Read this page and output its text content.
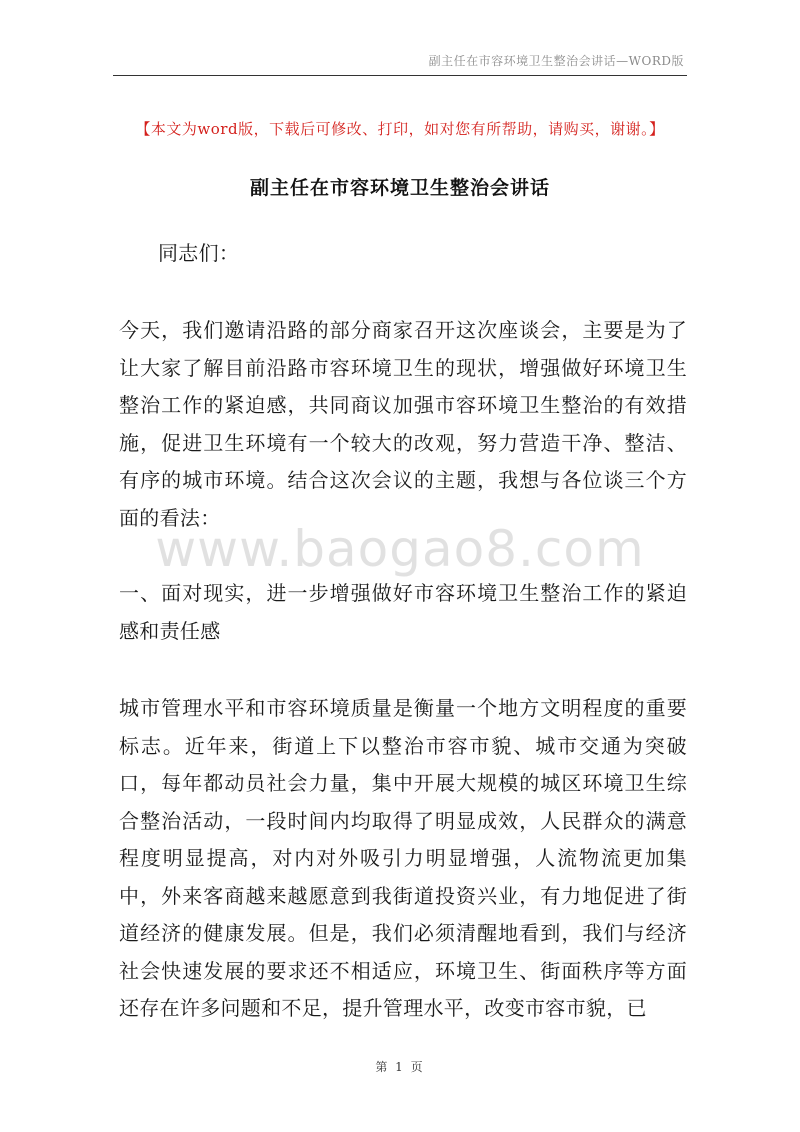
副主任在市容环境卫生整治会讲话—WORD版
【本文为word版，下载后可修改、打印，如对您有所帮助，请购买，谢谢。】
副主任在市容环境卫生整治会讲话
同志们：
今天，我们邀请沿路的部分商家召开这次座谈会，主要是为了让大家了解目前沿路市容环境卫生的现状，增强做好环境卫生整治工作的紧迫感，共同商议加强市容环境卫生整治的有效措施，促进卫生环境有一个较大的改观，努力营造干净、整洁、有序的城市环境。结合这次会议的主题，我想与各位谈三个方面的看法：
www.baogao8.com
一、面对现实，进一步增强做好市容环境卫生整治工作的紧迫感和责任感
城市管理水平和市容环境质量是衡量一个地方文明程度的重要标志。近年来，街道上下以整治市容市貌、城市交通为突破口，每年都动员社会力量，集中开展大规模的城区环境卫生综合整治活动，一段时间内均取得了明显成效，人民群众的满意程度明显提高，对内对外吸引力明显增强，人流物流更加集中，外来客商越来越愿意到我街道投资兴业，有力地促进了街道经济的健康发展。但是，我们必须清醒地看到，我们与经济社会快速发展的要求还不相适应，环境卫生、街面秩序等方面还存在许多问题和不足，提升管理水平，改变市容市貌，已
第 1 页
